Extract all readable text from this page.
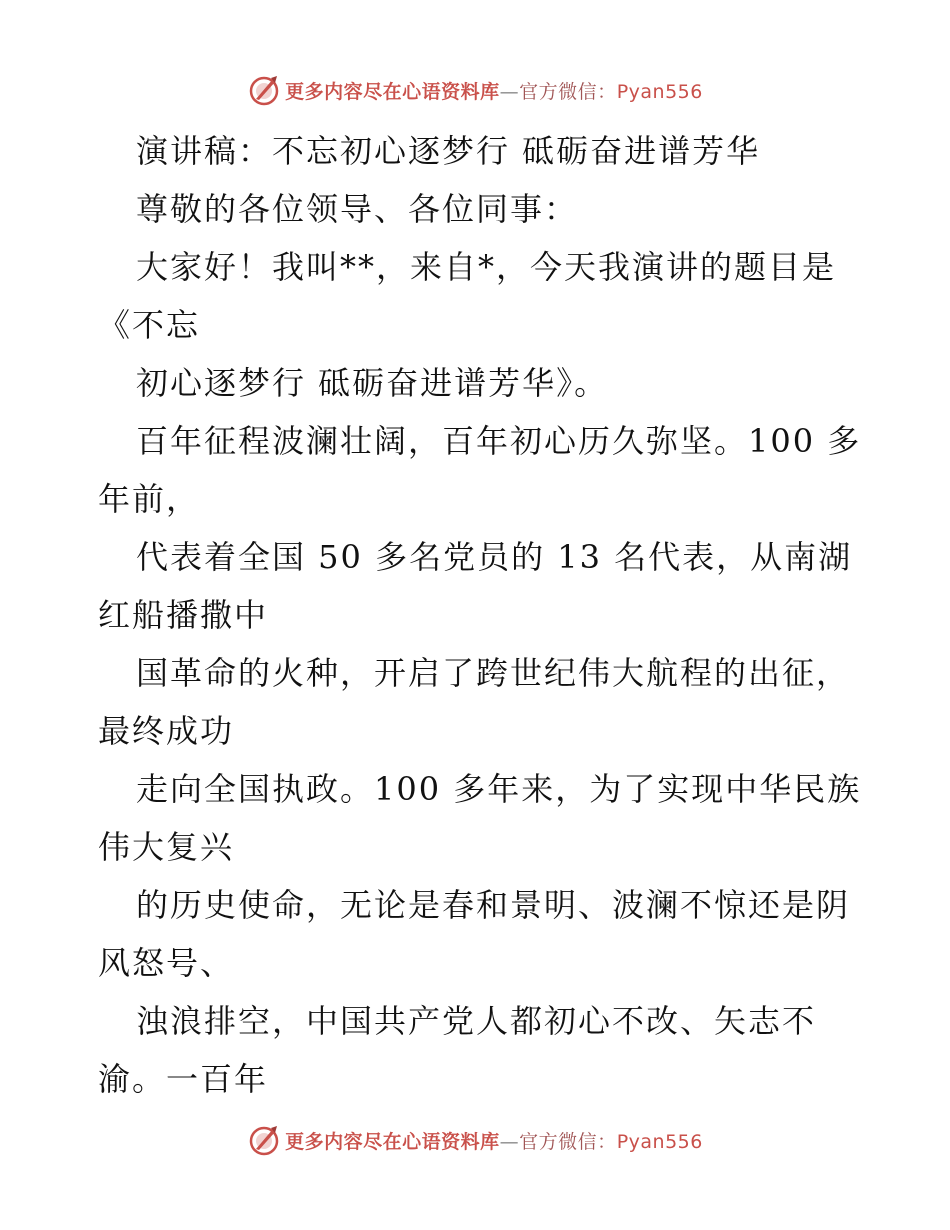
更多内容尽在心语资料库—官方微信：Pyan556
演讲稿：不忘初心逐梦行 砥砺奋进谱芳华
尊敬的各位领导、各位同事：
大家好！我叫**，来自*，今天我演讲的题目是
《不忘
初心逐梦行 砥砺奋进谱芳华》。
百年征程波澜壮阔，百年初心历久弥坚。100 多
年前，
代表着全国 50 多名党员的 13 名代表，从南湖
红船播撒中
国革命的火种，开启了跨世纪伟大航程的出征，
最终成功
走向全国执政。100 多年来，为了实现中华民族
伟大复兴
的历史使命，无论是春和景明、波澜不惊还是阴
风怒号、
浊浪排空，中国共产党人都初心不改、矢志不
渝。一百年
更多内容尽在心语资料库—官方微信：Pyan556
